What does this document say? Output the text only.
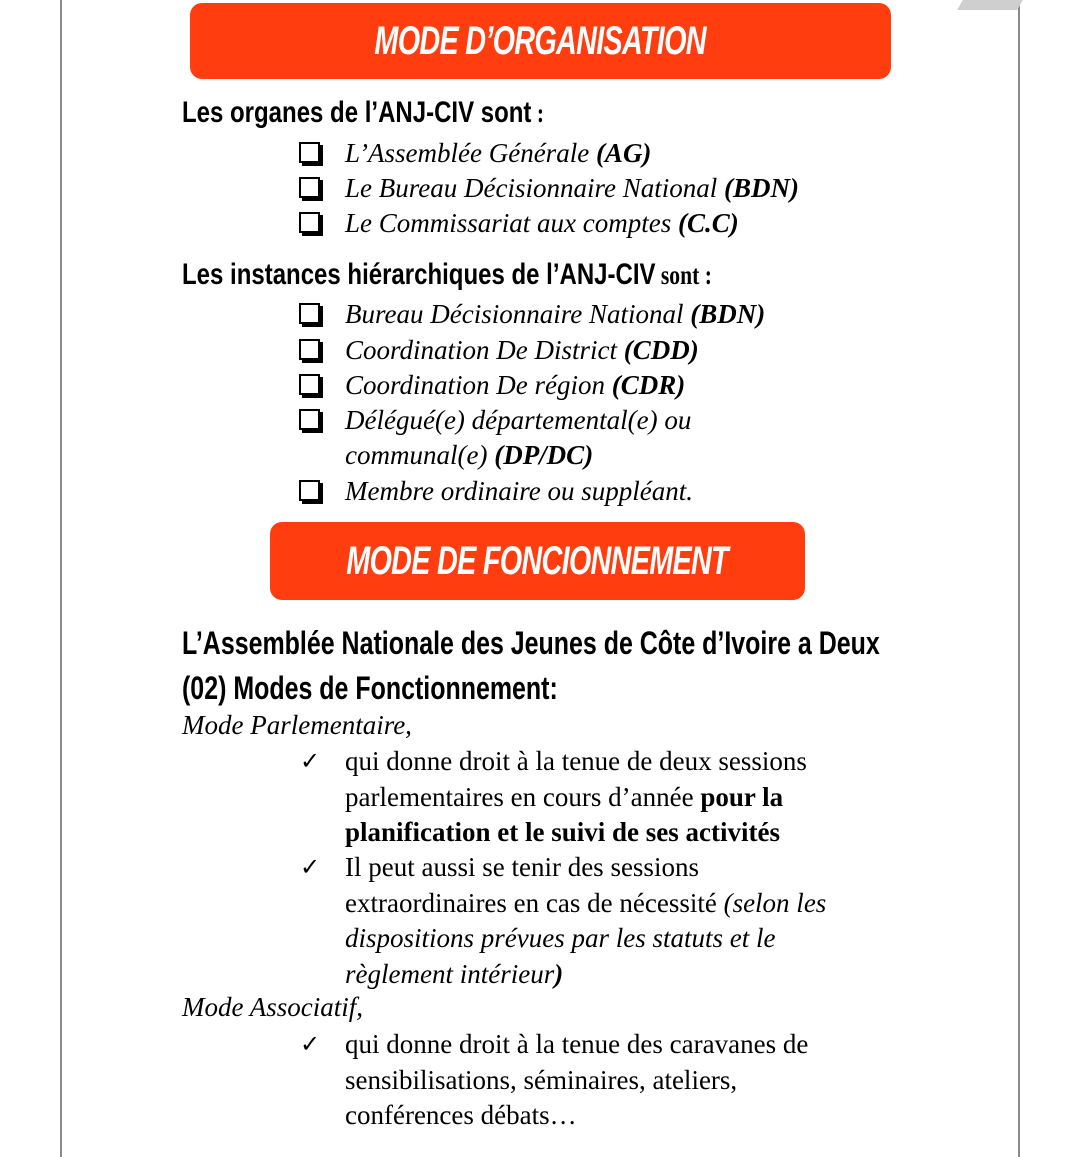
MODE D’ORGANISATION
Les organes de l’ANJ-CIV sont :
L’Assemblée Générale (AG)
Le Bureau Décisionnaire National (BDN)
Le Commissariat aux comptes (C.C)
Les instances hiérarchiques de l’ANJ-CIV sont :
Bureau Décisionnaire National (BDN)
Coordination De District (CDD)
Coordination De région (CDR)
Délégué(e) départemental(e) ou
communal(e) (DP/DC)
Membre ordinaire ou suppléant.
MODE DE FONCIONNEMENT
L’Assemblée Nationale des Jeunes de Côte d’Ivoire a Deux
(02) Modes de Fonctionnement:
Mode Parlementaire,
✓ qui donne droit à la tenue de deux sessions
parlementaires en cours d’année pour la
planification et le suivi de ses activités
✓ Il peut aussi se tenir des sessions
extraordinaires en cas de nécessité (selon les
dispositions prévues par les statuts et le
règlement intérieur)
Mode Associatif,
✓ qui donne droit à la tenue des caravanes de
sensibilisations, séminaires, ateliers,
conférences débats…
